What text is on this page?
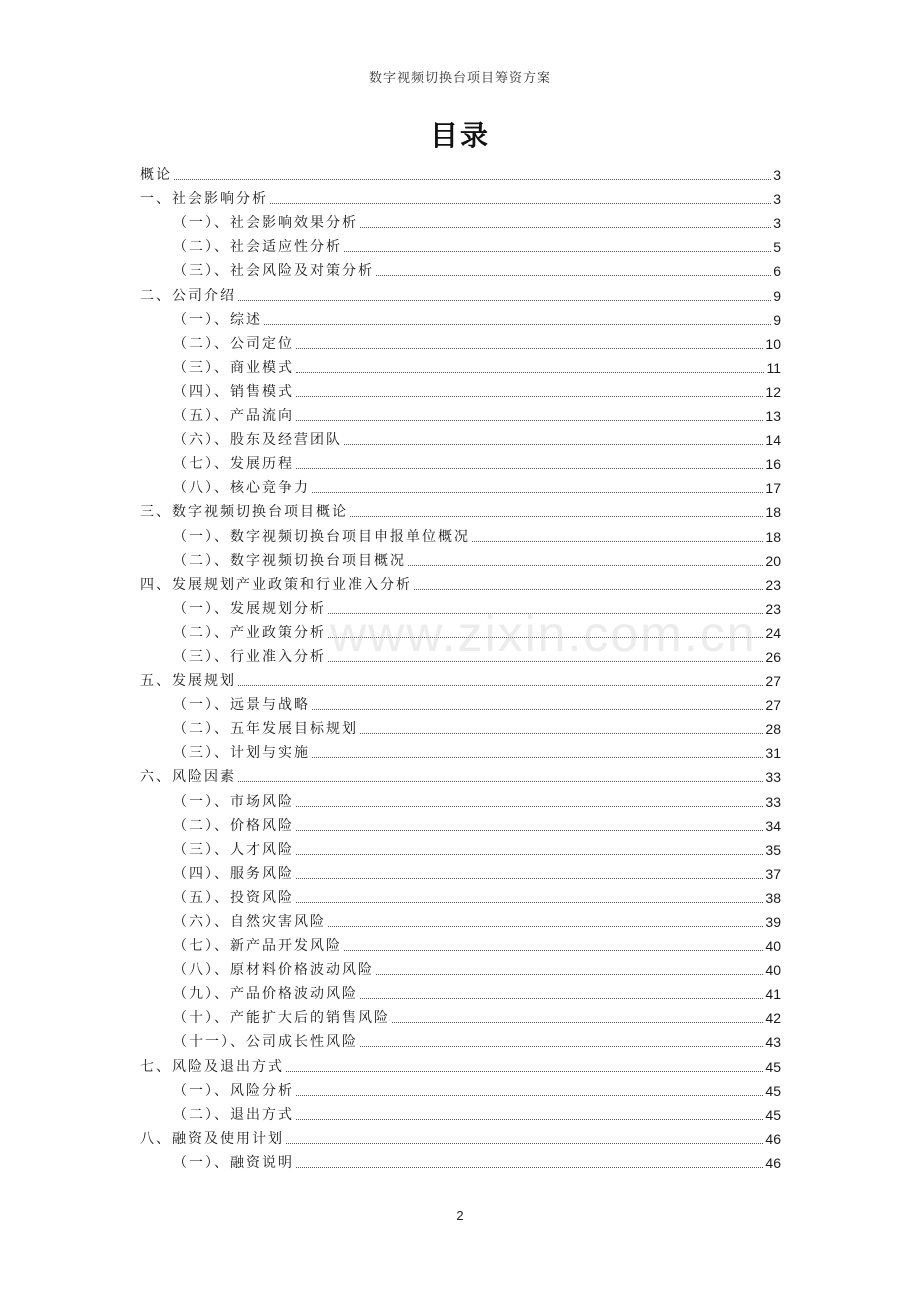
数字视频切换台项目筹资方案
目录
概论	3
一、社会影响分析	3
（一）、社会影响效果分析	3
（二）、社会适应性分析	5
（三）、社会风险及对策分析	6
二、公司介绍	9
（一）、综述	9
（二）、公司定位	10
（三）、商业模式	11
（四）、销售模式	12
（五）、产品流向	13
（六）、股东及经营团队	14
（七）、发展历程	16
（八）、核心竞争力	17
三、数字视频切换台项目概论	18
（一）、数字视频切换台项目申报单位概况	18
（二）、数字视频切换台项目概况	20
四、发展规划产业政策和行业准入分析	23
（一）、发展规划分析	23
（二）、产业政策分析	24
（三）、行业准入分析	26
五、发展规划	27
（一）、远景与战略	27
（二）、五年发展目标规划	28
（三）、计划与实施	31
六、风险因素	33
（一）、市场风险	33
（二）、价格风险	34
（三）、人才风险	35
（四）、服务风险	37
（五）、投资风险	38
（六）、自然灾害风险	39
（七）、新产品开发风险	40
（八）、原材料价格波动风险	40
（九）、产品价格波动风险	41
（十）、产能扩大后的销售风险	42
（十一）、公司成长性风险	43
七、风险及退出方式	45
（一）、风险分析	45
（二）、退出方式	45
八、融资及使用计划	46
（一）、融资说明	46
www.zixin.com.cn
2
